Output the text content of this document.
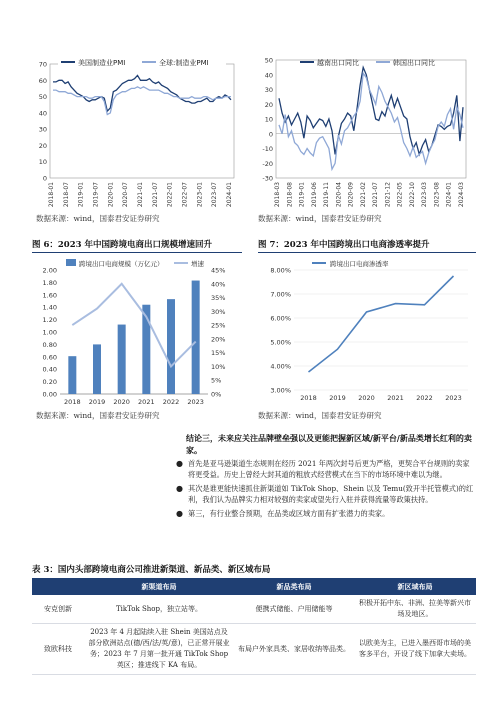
0
10
20
30
40
50
60
70
2018-01 2018-07 2019-01 2019-07 2020-01 2020-07 2021-01 2021-07 2022-01 2022-07 2023-01 2023-07 2024-01
美国制造业PMI	全球:制造业PMI
数据来源：wind，国泰君安证券研究
-30
-20
-10
0
10
20
30
40
50
2018-03 2018-08 2019-01 2019-06 2019-11 2020-04 2020-09 2021-02 2021-07 2021-12 2022-05 2022-10 2023-03 2023-08 2024-01 2024-03
越南出口同比	韩国出口同比
数据来源：wind，国泰君安证券研究
图 6：2023 年中国跨境电商出口规模增速回升
0.00
0.20
0.40
0.60
0.80
1.00
1.20
1.40
1.60
1.80
2.00
0%
5%
10%
15%
20%
25%
30%
35%
40%
45%
2018 2019 2020 2021 2022 2023
跨境出口电商规模（万亿元）	增速
数据来源：wind，国泰君安证券研究
图 7：2023 年中国跨境出口电商渗透率提升
3.00%
4.00%
5.00%
6.00%
7.00%
8.00%
2018 2019 2020 2021 2022 2023
跨境出口电商渗透率
数据来源：wind，国泰君安证券研究
结论三，未来应关注品牌壁垒强以及更能把握新区域/新平台/新品类增长红利的卖家。
● 首先是亚马逊渠道生态规则在经历 2021 年两次封号后更为严格，更契合平台规则的卖家将更受益。历史上曾经大封其道的粗放式经营模式在当下的市场环境中难以为继。
● 其次是谁更能快速抓住新渠道如 TikTok Shop、Shein 以及 Temu(致开半托管模式)的红利，我们认为品牌实力相对较强的卖家或望先行入驻并获得流量等政策扶持。
● 第三，有行业整合预期，在品类或区域方面有扩张潜力的卖家。
表 3：国内头部跨境电商公司推进新渠道、新品类、新区域布局
	新渠道布局	新品类布局	新区域布局
安克创新	TikTok Shop，独立站等。	便携式储能、户用储能等	积极开拓中东、非洲、拉美等新兴市场及地区。
致欧科技	2023 年 4 月起陆续入驻 Shein 美国站点及部分欧洲站点(德/西/法/英/意)，已正常开展业务；2023 年 7 月第一批开通 TikTok Shop 英区；推进线下 KA 布局。	布局户外家具类、家居收纳等品类。	以欧美为主，已进入墨西哥市场的美客多平台，开设了线下加拿大卖场。
